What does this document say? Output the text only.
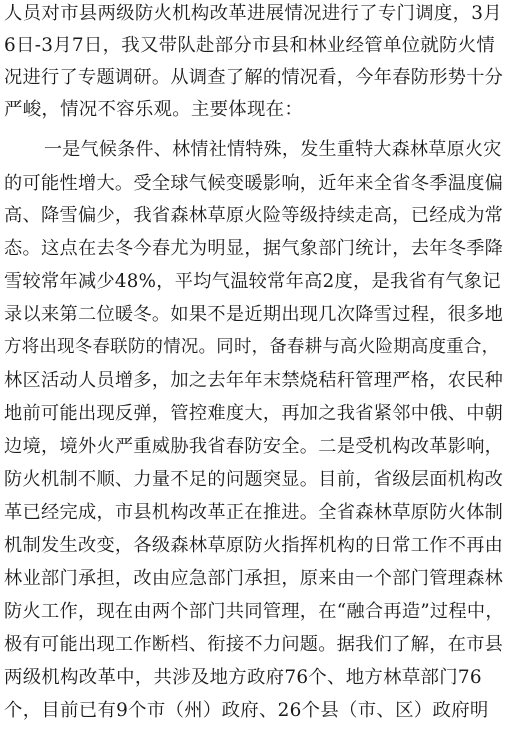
人员对市县两级防火机构改革进展情况进行了专门调度，3月
6日-3月7日，我又带队赴部分市县和林业经管单位就防火情
况进行了专题调研。从调查了解的情况看，今年春防形势十分
严峻，情况不容乐观。主要体现在：
一是气候条件、林情社情特殊，发生重特大森林草原火灾
的可能性增大。受全球气候变暖影响，近年来全省冬季温度偏
高、降雪偏少，我省森林草原火险等级持续走高，已经成为常
态。这点在去冬今春尤为明显，据气象部门统计，去年冬季降
雪较常年减少48%，平均气温较常年高2度，是我省有气象记
录以来第二位暖冬。如果不是近期出现几次降雪过程，很多地
方将出现冬春联防的情况。同时，备春耕与高火险期高度重合，
林区活动人员增多，加之去年年末禁烧秸秆管理严格，农民种
地前可能出现反弹，管控难度大，再加之我省紧邻中俄、中朝
边境，境外火严重威胁我省春防安全。二是受机构改革影响，
防火机制不顺、力量不足的问题突显。目前，省级层面机构改
革已经完成，市县机构改革正在推进。全省森林草原防火体制
机制发生改变，各级森林草原防火指挥机构的日常工作不再由
林业部门承担，改由应急部门承担，原来由一个部门管理森林
防火工作，现在由两个部门共同管理，在“融合再造”过程中，
极有可能出现工作断档、衔接不力问题。据我们了解，在市县
两级机构改革中，共涉及地方政府76个、地方林草部门76
个，目前已有9个市（州）政府、26个县（市、区）政府明
